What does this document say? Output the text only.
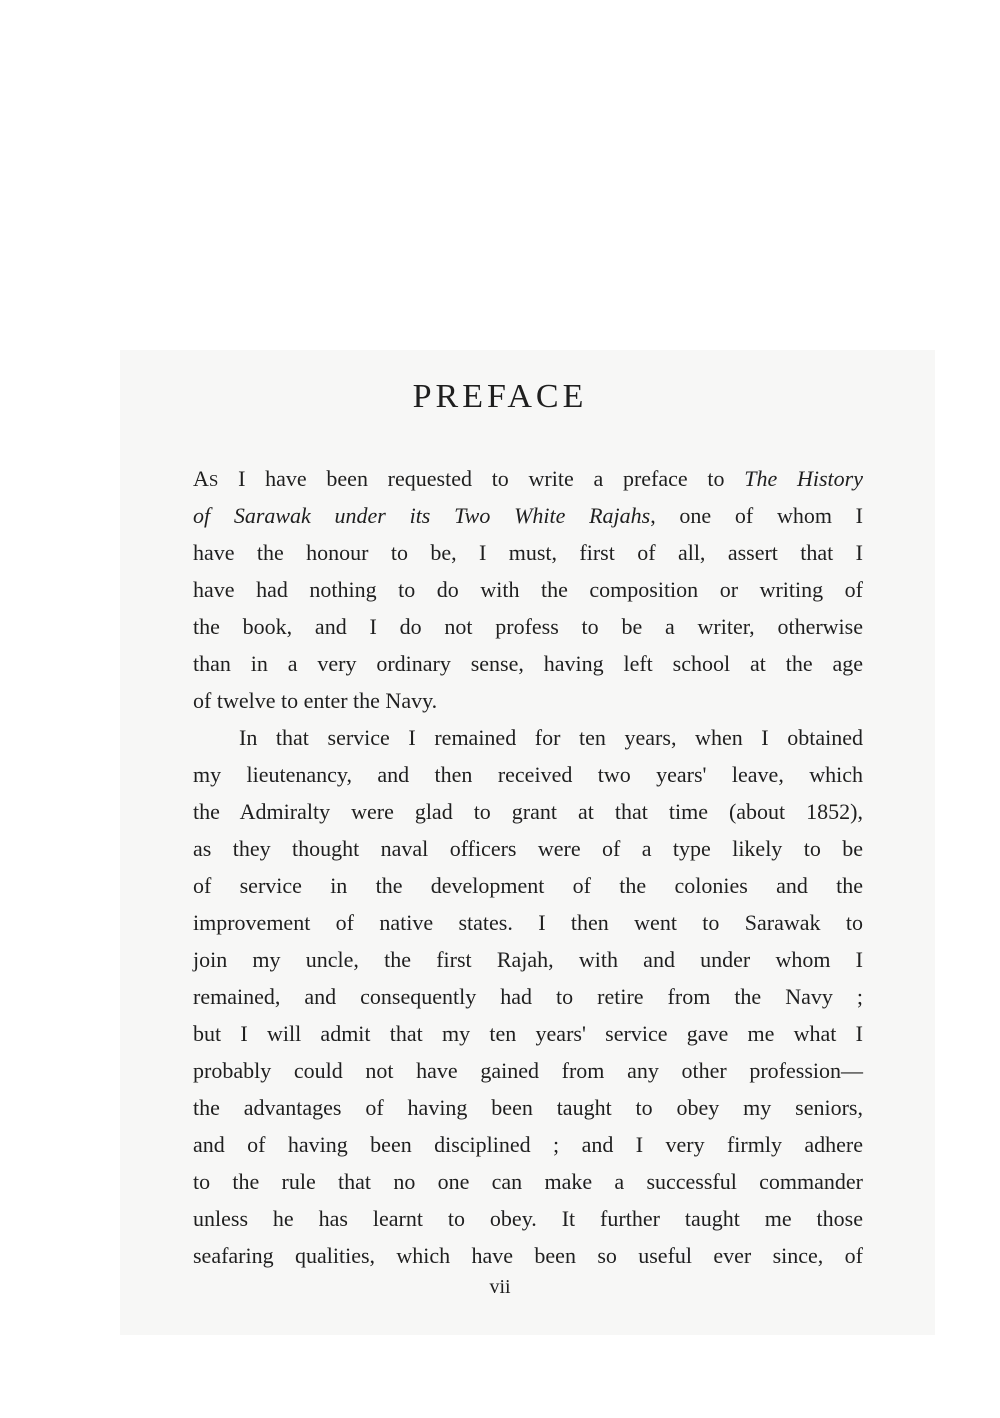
PREFACE
AS I have been requested to write a preface to The History
of Sarawak under its Two White Rajahs, one of whom I
have the honour to be, I must, first of all, assert that I
have had nothing to do with the composition or writing of
the book, and I do not profess to be a writer, otherwise
than in a very ordinary sense, having left school at the age
of twelve to enter the Navy.
In that service I remained for ten years, when I obtained
my lieutenancy, and then received two years' leave, which
the Admiralty were glad to grant at that time (about 1852),
as they thought naval officers were of a type likely to be
of service in the development of the colonies and the
improvement of native states. I then went to Sarawak to
join my uncle, the first Rajah, with and under whom I
remained, and consequently had to retire from the Navy ;
but I will admit that my ten years' service gave me what I
probably could not have gained from any other profession—
the advantages of having been taught to obey my seniors,
and of having been disciplined ; and I very firmly adhere
to the rule that no one can make a successful commander
unless he has learnt to obey. It further taught me those
seafaring qualities, which have been so useful ever since, of
vii
